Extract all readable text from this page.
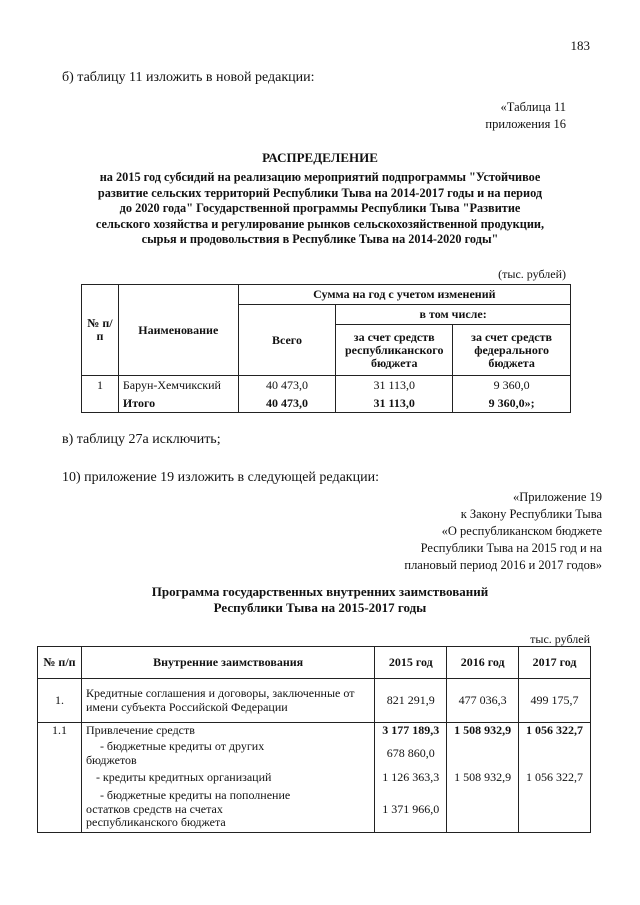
183
б) таблицу 11 изложить в новой редакции:
«Таблица 11
приложения 16
РАСПРЕДЕЛЕНИЕ
на 2015 год субсидий на реализацию мероприятий подпрограммы "Устойчивое
развитие сельских территорий Республики Тыва на 2014-2017 годы и на период
до 2020 года" Государственной программы Республики Тыва "Развитие
сельского хозяйства и регулирование рынков сельскохозяйственной продукции,
сырья и продовольствия в Республике Тыва на 2014-2020 годы"
(тыс. рублей)
№ п/п	Наименование	Сумма на год с учетом изменений		
		Всего	в том числе:	
			за счет средств республиканского бюджета	за счет средств федерального бюджета
1	Барун-Хемчикский	40 473,0	31 113,0	9 360,0
	Итого	40 473,0	31 113,0	9 360,0»;
в) таблицу 27а исключить;
10) приложение 19 изложить в следующей редакции:
«Приложение 19
к Закону Республики Тыва
«О республиканском бюджете
Республики Тыва на 2015 год и на
плановый период 2016 и 2017 годов»
Программа государственных внутренних заимствований
Республики Тыва на 2015-2017 годы
тыс. рублей
№ п/п	Внутренние заимствования	2015 год	2016 год	2017 год
1.	Кредитные соглашения и договоры, заключенные от имени субъекта Российской Федерации	821 291,9	477 036,3	499 175,7
1.1	Привлечение средств	3 177 189,3	1 508 932,9	1 056 322,7

	- бюджетные кредиты от других
бюджетов	678 860,0		
	- кредиты кредитных организаций	1 126 363,3	1 508 932,9	1 056 322,7

	- бюджетные кредиты на пополнение
остатков средств на счетах
республиканского бюджета	1 371 966,0		
